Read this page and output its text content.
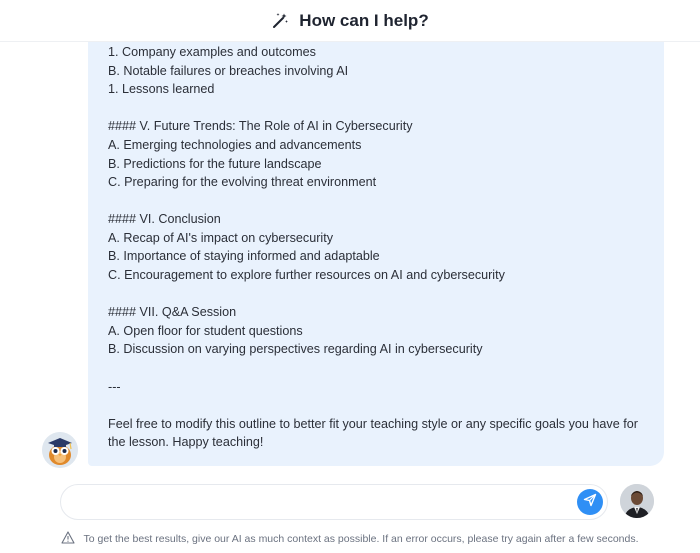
How can I help?
1. Company examples and outcomes
B. Notable failures or breaches involving AI
1. Lessons learned
#### V. Future Trends: The Role of AI in Cybersecurity
A. Emerging technologies and advancements
B. Predictions for the future landscape
C. Preparing for the evolving threat environment
#### VI. Conclusion
A. Recap of AI's impact on cybersecurity
B. Importance of staying informed and adaptable
C. Encouragement to explore further resources on AI and cybersecurity
#### VII. Q&A Session
A. Open floor for student questions
B. Discussion on varying perspectives regarding AI in cybersecurity
---
Feel free to modify this outline to better fit your teaching style or any specific goals you have for the lesson. Happy teaching!
To get the best results, give our AI as much context as possible. If an error occurs, please try again after a few seconds.
